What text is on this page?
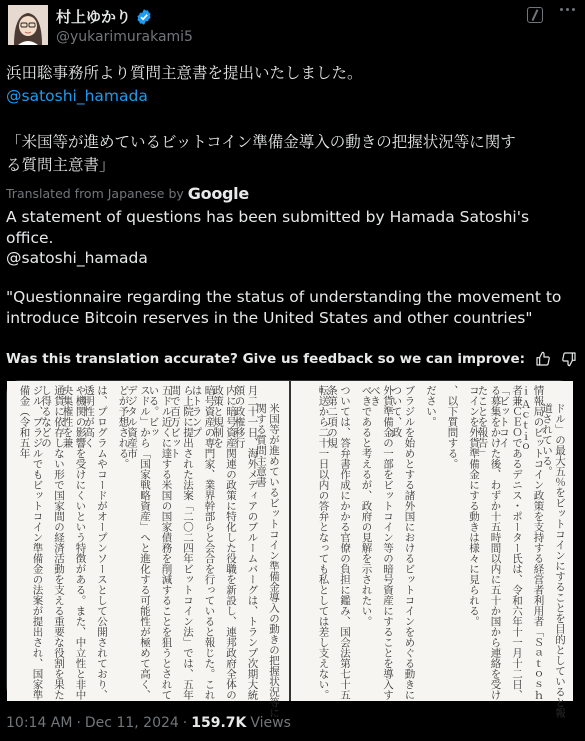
村上ゆかり
@yukarimurakami5
浜田聡事務所より質問主意書を提出いたしました。
@satoshi_hamada
「米国等が進めているビットコイン準備金導入の動きの把握状況等に関す
る質問主意書」
Translated from Japanese by Google
A statement of questions has been submitted by Hamada Satoshi's office.
@satoshi_hamada
"Questionnaire regarding the status of understanding the movement to introduce Bitcoin reserves in the United States and other countries"
Was this translation accurate? Give us feedback so we can improve:
米国等が進めているビットコイン準備金導入の動きの把握状況等に関する質問主意書
月二十一日、海外メディアのブルームバーグは、トランプ次期大統領の政権移行
内に暗号資産関連の政策に特化した役職を新設し、連邦政府全体の政策と規制を
暗号資産の専門家、業界幹部らと会合を行っていると報じた。これはトランプ
ら上院に提出された法案「二〇二四年ビットコイン法」では、五年間で百万ビット
五ドル近くに達する米国の国家債務を削減することを狙うとされている。ビッ
スドル」から「国家戦略資産」へと進化する可能性が極めて高く、デジタル資産市
どが予想される。
は、プログラムやコードがオープンソースとして公開されており、透明性が高く
や機関の影響を受けにくいという特徴がある。また、中立性と非中央集権性を兼
通貨に依存しない形で国家間の経済活動を支える重要な役割を果たし得るなどの
ジル、ブラジルでもビットコイン準備金の法案が提出され、国家準備金（令和五年	ドル」の最大五％をビットコインにすることを目的としていると報道されている。
情報局のビットコイン政策を支持する経営者利用者「Ｓａｔｏｓｈｉ Ａｃｔｉｏ
者兼ＣＥＯであるデニス・ポーター氏は、令和六年十一月十二日、「ビットコイ
る募集をかけた後、わずか十五時間以内に五十か国から連絡を受けたことを報告」
コインを外貨準備金にする動きは様々に見られる。
、以下質問する。
ださい。
ブラジルを始めとする諸外国におけるビットコインをめぐる動きについて、政
外貨準備金の一部をビットコイン等の暗号資産にすることを導入すべき
べきであると考えるが、政府の見解を示されたい。
ついては、答弁書作成にかかる官僚の負担に鑑み、国会法第七十五条第二項の規
転送から二十一日以内の答弁となっても私としては差し支えない。
10:14 AM · Dec 11, 2024 · 159.7K Views
